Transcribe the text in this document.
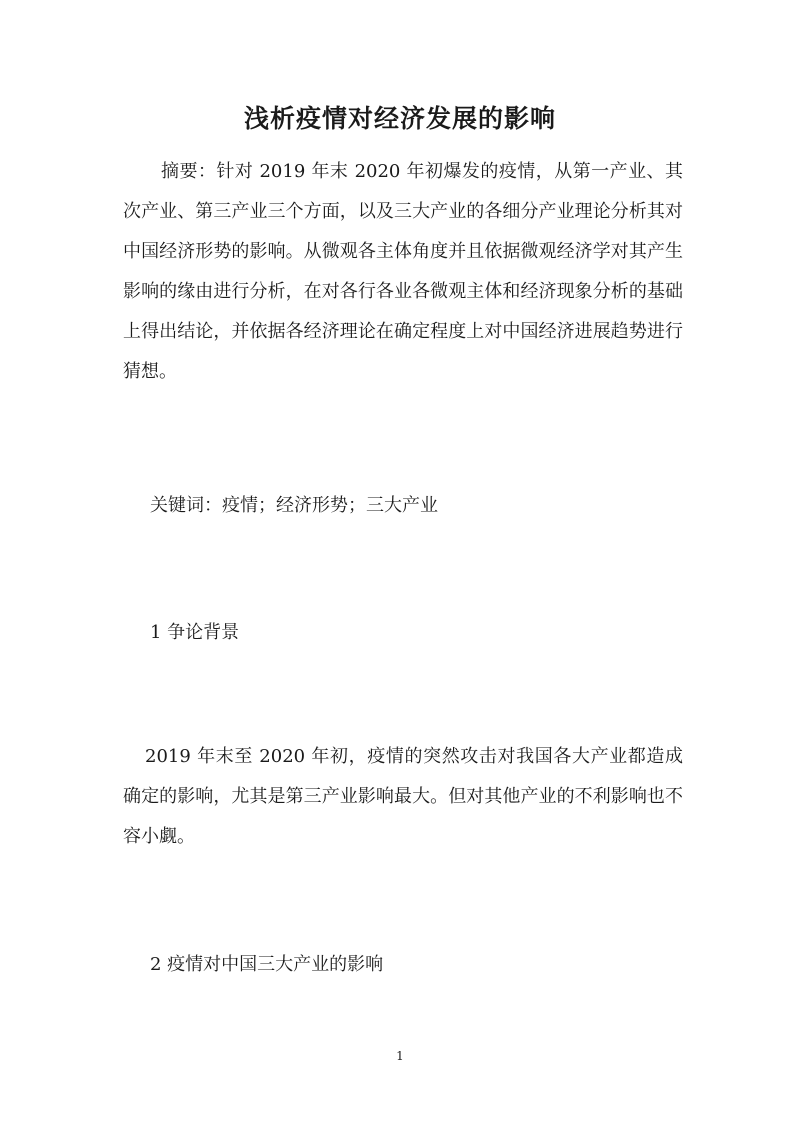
浅析疫情对经济发展的影响

摘要：针对 2019 年末 2020 年初爆发的疫情，从第一产业、其次产业、第三产业三个方面，以及三大产业的各细分产业理论分析其对中国经济形势的影响。从微观各主体角度并且依据微观经济学对其产生影响的缘由进行分析，在对各行各业各微观主体和经济现象分析的基础上得出结论，并依据各经济理论在确定程度上对中国经济进展趋势进行猜想。

关键词：疫情；经济形势；三大产业

1 争论背景

2019 年末至 2020 年初，疫情的突然攻击对我国各大产业都造成确定的影响，尤其是第三产业影响最大。但对其他产业的不利影响也不容小觑。

2 疫情对中国三大产业的影响

1
